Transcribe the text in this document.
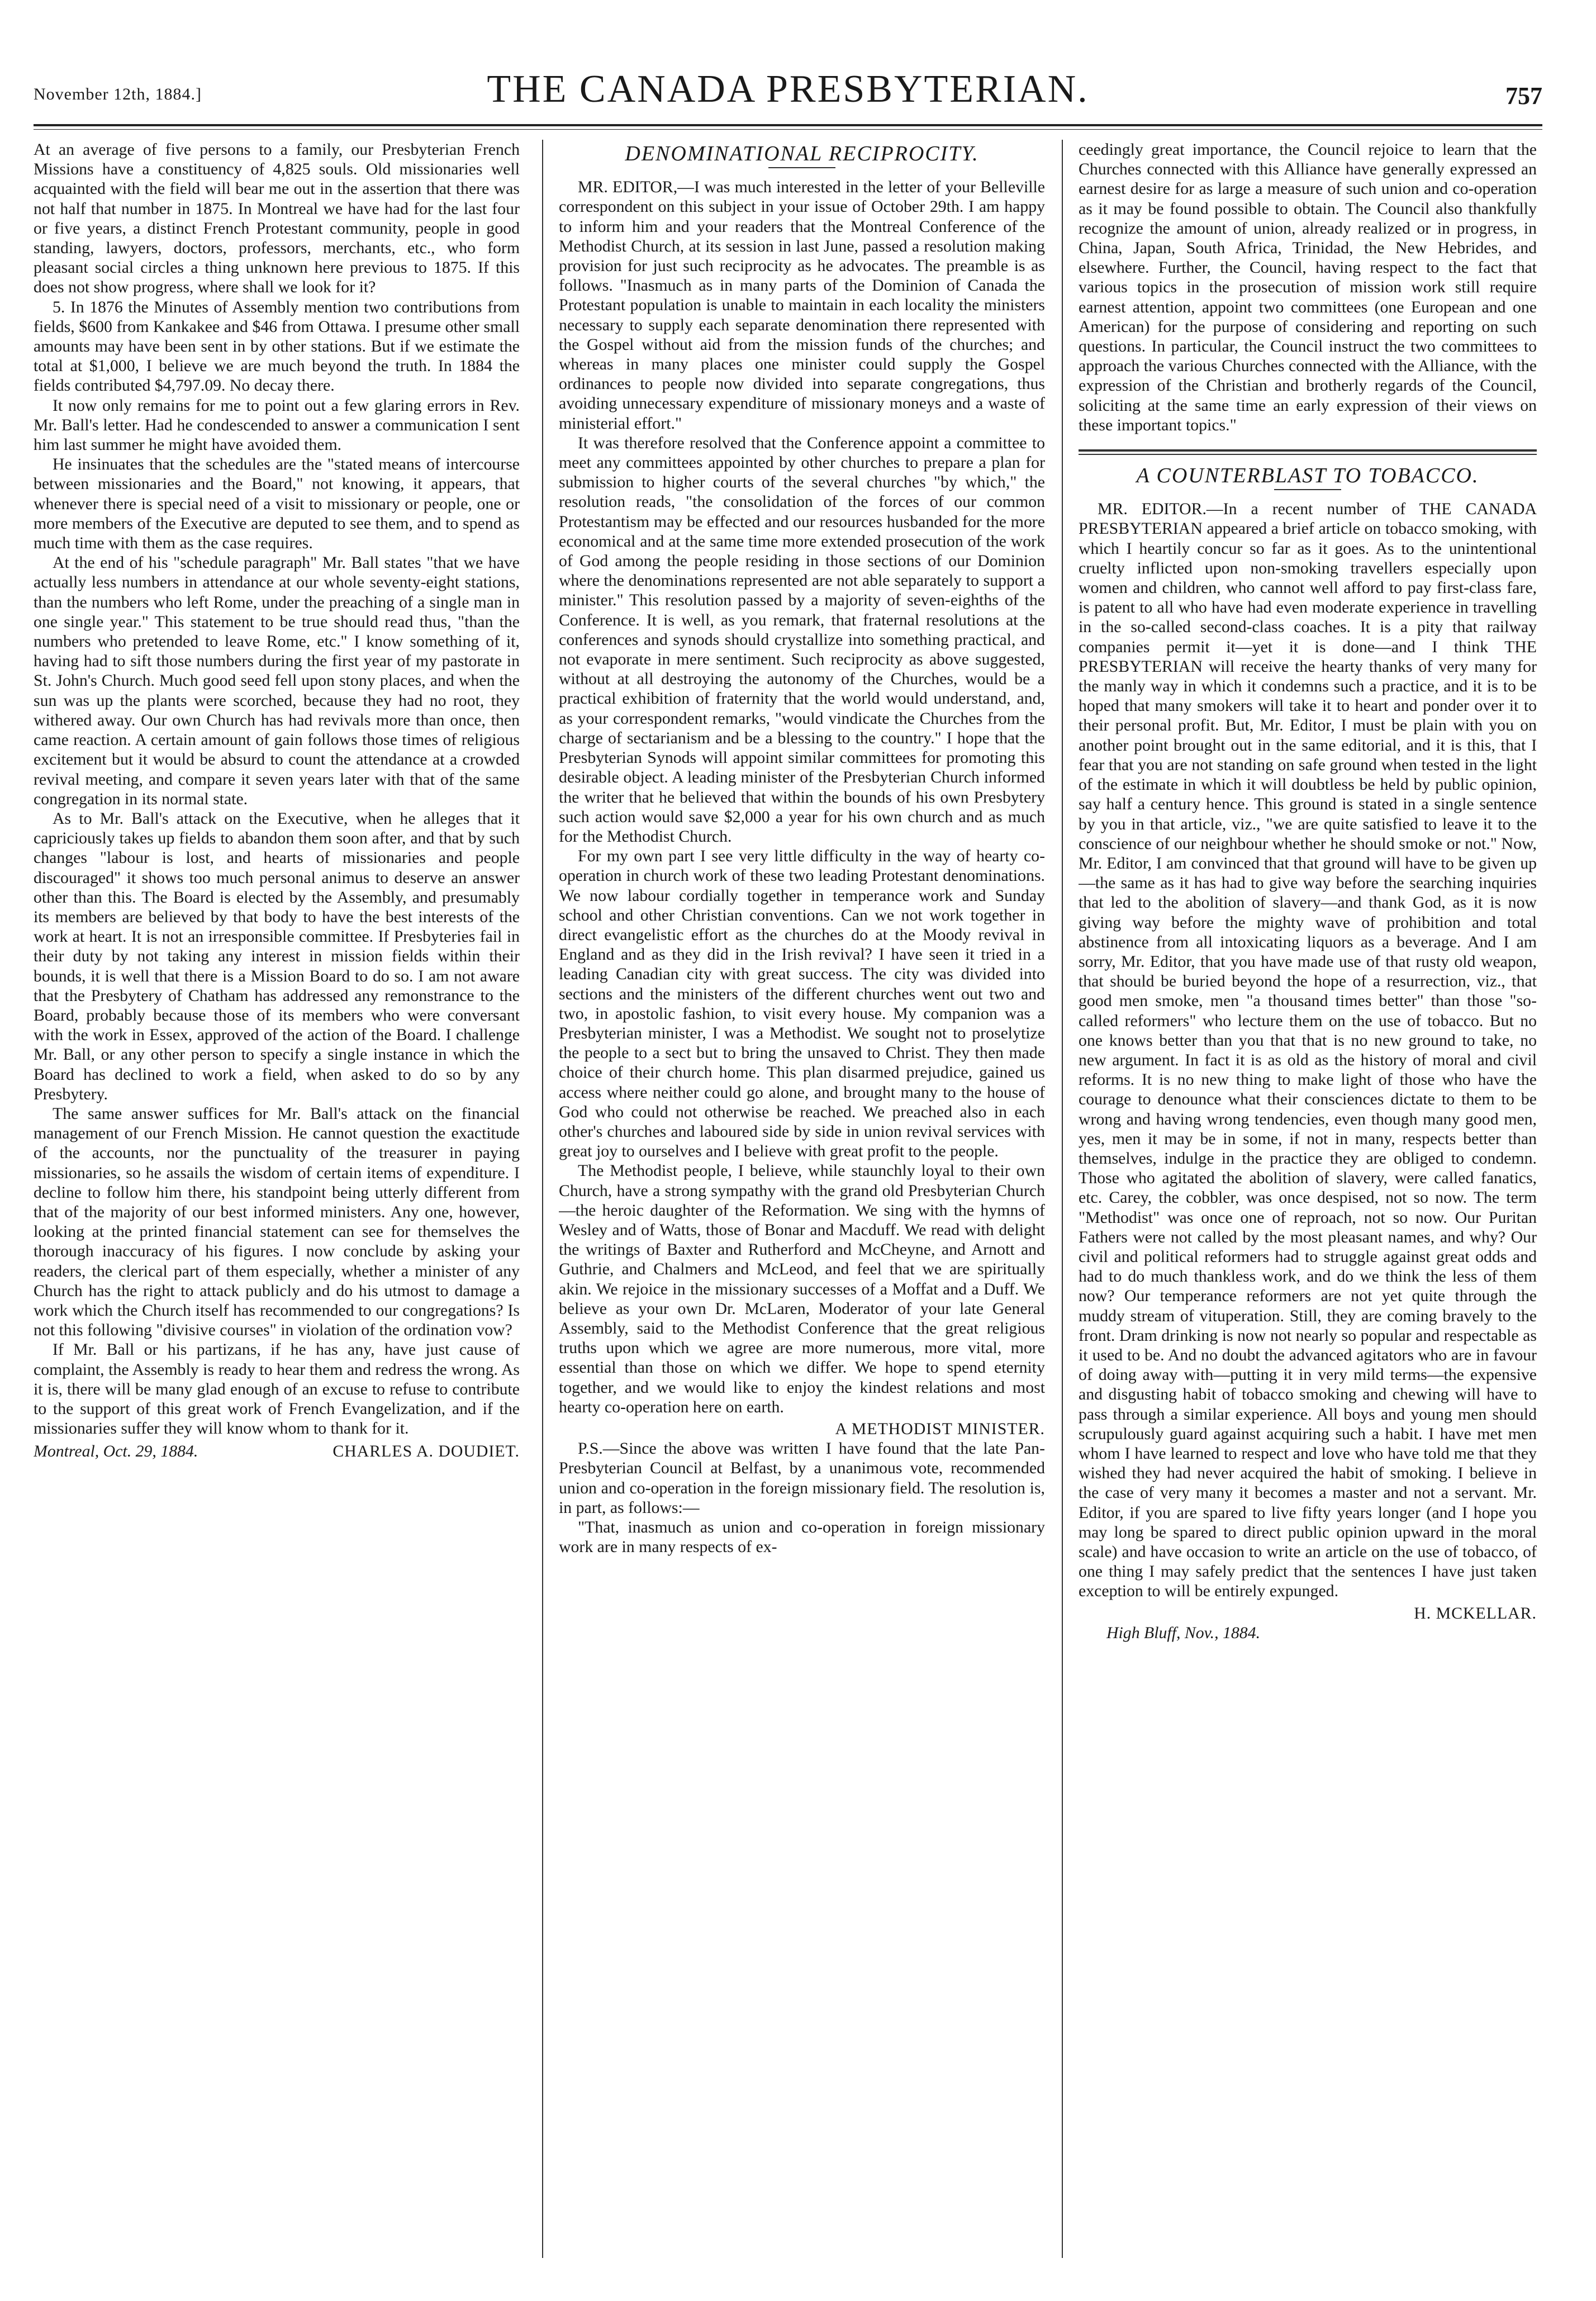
November 12th, 1884.]	THE CANADA PRESBYTERIAN.	757

At an average of five persons to a family, our Presbyterian French Missions have a constituency of 4,825 souls. Old missionaries well acquainted with the field will bear me out in the assertion that there was not half that number in 1875. In Montreal we have had for the last four or five years, a distinct French Protestant community, people in good standing, lawyers, doctors, professors, merchants, etc., who form pleasant social circles a thing unknown here previous to 1875. If this does not show progress, where shall we look for it?

5. In 1876 the Minutes of Assembly mention two contributions from fields, $600 from Kankakee and $46 from Ottawa. I presume other small amounts may have been sent in by other stations. But if we estimate the total at $1,000, I believe we are much beyond the truth. In 1884 the fields contributed $4,797.09. No decay there.

It now only remains for me to point out a few glaring errors in Rev. Mr. Ball's letter. Had he condescended to answer a communication I sent him last summer he might have avoided them.

He insinuates that the schedules are the "stated means of intercourse between missionaries and the Board," not knowing, it appears, that whenever there is special need of a visit to missionary or people, one or more members of the Executive are deputed to see them, and to spend as much time with them as the case requires.

At the end of his "schedule paragraph" Mr. Ball states "that we have actually less numbers in attendance at our whole seventy-eight stations, than the numbers who left Rome, under the preaching of a single man in one single year." This statement to be true should read thus, "than the numbers who pretended to leave Rome, etc." I know something of it, having had to sift those numbers during the first year of my pastorate in St. John's Church. Much good seed fell upon stony places, and when the sun was up the plants were scorched, because they had no root, they withered away. Our own Church has had revivals more than once, then came reaction. A certain amount of gain follows those times of religious excitement but it would be absurd to count the attendance at a crowded revival meeting, and compare it seven years later with that of the same congregation in its normal state.

As to Mr. Ball's attack on the Executive, when he alleges that it capriciously takes up fields to abandon them soon after, and that by such changes "labour is lost, and hearts of missionaries and people discouraged" it shows too much personal animus to deserve an answer other than this. The Board is elected by the Assembly, and presumably its members are believed by that body to have the best interests of the work at heart. It is not an irresponsible committee. If Presbyteries fail in their duty by not taking any interest in mission fields within their bounds, it is well that there is a Mission Board to do so. I am not aware that the Presbytery of Chatham has addressed any remonstrance to the Board, probably because those of its members who were conversant with the work in Essex, approved of the action of the Board. I challenge Mr. Ball, or any other person to specify a single instance in which the Board has declined to work a field, when asked to do so by any Presbytery.

The same answer suffices for Mr. Ball's attack on the financial management of our French Mission. He cannot question the exactitude of the accounts, nor the punctuality of the treasurer in paying missionaries, so he assails the wisdom of certain items of expenditure. I decline to follow him there, his standpoint being utterly different from that of the majority of our best informed ministers. Any one, however, looking at the printed financial statement can see for themselves the thorough inaccuracy of his figures. I now conclude by asking your readers, the clerical part of them especially, whether a minister of any Church has the right to attack publicly and do his utmost to damage a work which the Church itself has recommended to our congregations? Is not this following "divisive courses" in violation of the ordination vow?

If Mr. Ball or his partizans, if he has any, have just cause of complaint, the Assembly is ready to hear them and redress the wrong. As it is, there will be many glad enough of an excuse to refuse to contribute to the support of this great work of French Evangelization, and if the missionaries suffer they will know whom to thank for it.

Montreal, Oct. 29, 1884.	CHARLES A. DOUDIET.
DENOMINATIONAL RECIPROCITY.

MR. EDITOR,—I was much interested in the letter of your Belleville correspondent on this subject in your issue of October 29th. I am happy to inform him and your readers that the Montreal Conference of the Methodist Church, at its session in last June, passed a resolution making provision for just such reciprocity as he advocates. The preamble is as follows. "Inasmuch as in many parts of the Dominion of Canada the Protestant population is unable to maintain in each locality the ministers necessary to supply each separate denomination there represented with the Gospel without aid from the mission funds of the churches; and whereas in many places one minister could supply the Gospel ordinances to people now divided into separate congregations, thus avoiding unnecessary expenditure of missionary moneys and a waste of ministerial effort."

It was therefore resolved that the Conference appoint a committee to meet any committees appointed by other churches to prepare a plan for submission to higher courts of the several churches "by which," the resolution reads, "the consolidation of the forces of our common Protestantism may be effected and our resources husbanded for the more economical and at the same time more extended prosecution of the work of God among the people residing in those sections of our Dominion where the denominations represented are not able separately to support a minister." This resolution passed by a majority of seven-eighths of the Conference. It is well, as you remark, that fraternal resolutions at the conferences and synods should crystallize into something practical, and not evaporate in mere sentiment. Such reciprocity as above suggested, without at all destroying the autonomy of the Churches, would be a practical exhibition of fraternity that the world would understand, and, as your correspondent remarks, "would vindicate the Churches from the charge of sectarianism and be a blessing to the country." I hope that the Presbyterian Synods will appoint similar committees for promoting this desirable object. A leading minister of the Presbyterian Church informed the writer that he believed that within the bounds of his own Presbytery such action would save $2,000 a year for his own church and as much for the Methodist Church.

For my own part I see very little difficulty in the way of hearty co-operation in church work of these two leading Protestant denominations. We now labour cordially together in temperance work and Sunday school and other Christian conventions. Can we not work together in direct evangelistic effort as the churches do at the Moody revival in England and as they did in the Irish revival? I have seen it tried in a leading Canadian city with great success. The city was divided into sections and the ministers of the different churches went out two and two, in apostolic fashion, to visit every house. My companion was a Presbyterian minister, I was a Methodist. We sought not to proselytize the people to a sect but to bring the unsaved to Christ. They then made choice of their church home. This plan disarmed prejudice, gained us access where neither could go alone, and brought many to the house of God who could not otherwise be reached. We preached also in each other's churches and laboured side by side in union revival services with great joy to ourselves and I believe with great profit to the people.

The Methodist people, I believe, while staunchly loyal to their own Church, have a strong sympathy with the grand old Presbyterian Church—the heroic daughter of the Reformation. We sing with the hymns of Wesley and of Watts, those of Bonar and Macduff. We read with delight the writings of Baxter and Rutherford and McCheyne, and Arnott and Guthrie, and Chalmers and McLeod, and feel that we are spiritually akin. We rejoice in the missionary successes of a Moffat and a Duff. We believe as your own Dr. McLaren, Moderator of your late General Assembly, said to the Methodist Conference that the great religious truths upon which we agree are more numerous, more vital, more essential than those on which we differ. We hope to spend eternity together, and we would like to enjoy the kindest relations and most hearty co-operation here on earth.

A METHODIST MINISTER.

P.S.—Since the above was written I have found that the late Pan-Presbyterian Council at Belfast, by a unanimous vote, recommended union and co-operation in the foreign missionary field. The resolution is, in part, as follows:—

"That, inasmuch as union and co-operation in foreign missionary work are in many respects of ex-

ceedingly great importance, the Council rejoice to learn that the Churches connected with this Alliance have generally expressed an earnest desire for as large a measure of such union and co-operation as it may be found possible to obtain. The Council also thankfully recognize the amount of union, already realized or in progress, in China, Japan, South Africa, Trinidad, the New Hebrides, and elsewhere. Further, the Council, having respect to the fact that various topics in the prosecution of mission work still require earnest attention, appoint two committees (one European and one American) for the purpose of considering and reporting on such questions. In particular, the Council instruct the two committees to approach the various Churches connected with the Alliance, with the expression of the Christian and brotherly regards of the Council, soliciting at the same time an early expression of their views on these important topics."

A COUNTERBLAST TO TOBACCO.

MR. EDITOR.—In a recent number of THE CANADA PRESBYTERIAN appeared a brief article on tobacco smoking, with which I heartily concur so far as it goes. As to the unintentional cruelty inflicted upon non-smoking travellers especially upon women and children, who cannot well afford to pay first-class fare, is patent to all who have had even moderate experience in travelling in the so-called second-class coaches. It is a pity that railway companies permit it—yet it is done—and I think THE PRESBYTERIAN will receive the hearty thanks of very many for the manly way in which it condemns such a practice, and it is to be hoped that many smokers will take it to heart and ponder over it to their personal profit. But, Mr. Editor, I must be plain with you on another point brought out in the same editorial, and it is this, that I fear that you are not standing on safe ground when tested in the light of the estimate in which it will doubtless be held by public opinion, say half a century hence. This ground is stated in a single sentence by you in that article, viz., "we are quite satisfied to leave it to the conscience of our neighbour whether he should smoke or not." Now, Mr. Editor, I am convinced that that ground will have to be given up—the same as it has had to give way before the searching inquiries that led to the abolition of slavery—and thank God, as it is now giving way before the mighty wave of prohibition and total abstinence from all intoxicating liquors as a beverage. And I am sorry, Mr. Editor, that you have made use of that rusty old weapon, that should be buried beyond the hope of a resurrection, viz., that good men smoke, men "a thousand times better" than those "so-called reformers" who lecture them on the use of tobacco. But no one knows better than you that that is no new ground to take, no new argument. In fact it is as old as the history of moral and civil reforms. It is no new thing to make light of those who have the courage to denounce what their consciences dictate to them to be wrong and having wrong tendencies, even though many good men, yes, men it may be in some, if not in many, respects better than themselves, indulge in the practice they are obliged to condemn. Those who agitated the abolition of slavery, were called fanatics, etc. Carey, the cobbler, was once despised, not so now. The term "Methodist" was once one of reproach, not so now. Our Puritan Fathers were not called by the most pleasant names, and why? Our civil and political reformers had to struggle against great odds and had to do much thankless work, and do we think the less of them now? Our temperance reformers are not yet quite through the muddy stream of vituperation. Still, they are coming bravely to the front. Dram drinking is now not nearly so popular and respectable as it used to be. And no doubt the advanced agitators who are in favour of doing away with—putting it in very mild terms—the expensive and disgusting habit of tobacco smoking and chewing will have to pass through a similar experience. All boys and young men should scrupulously guard against acquiring such a habit. I have met men whom I have learned to respect and love who have told me that they wished they had never acquired the habit of smoking. I believe in the case of very many it becomes a master and not a servant. Mr. Editor, if you are spared to live fifty years longer (and I hope you may long be spared to direct public opinion upward in the moral scale) and have occasion to write an article on the use of tobacco, of one thing I may safely predict that the sentences I have just taken exception to will be entirely expunged.

H. MCKELLAR.
High Bluff, Nov., 1884.
